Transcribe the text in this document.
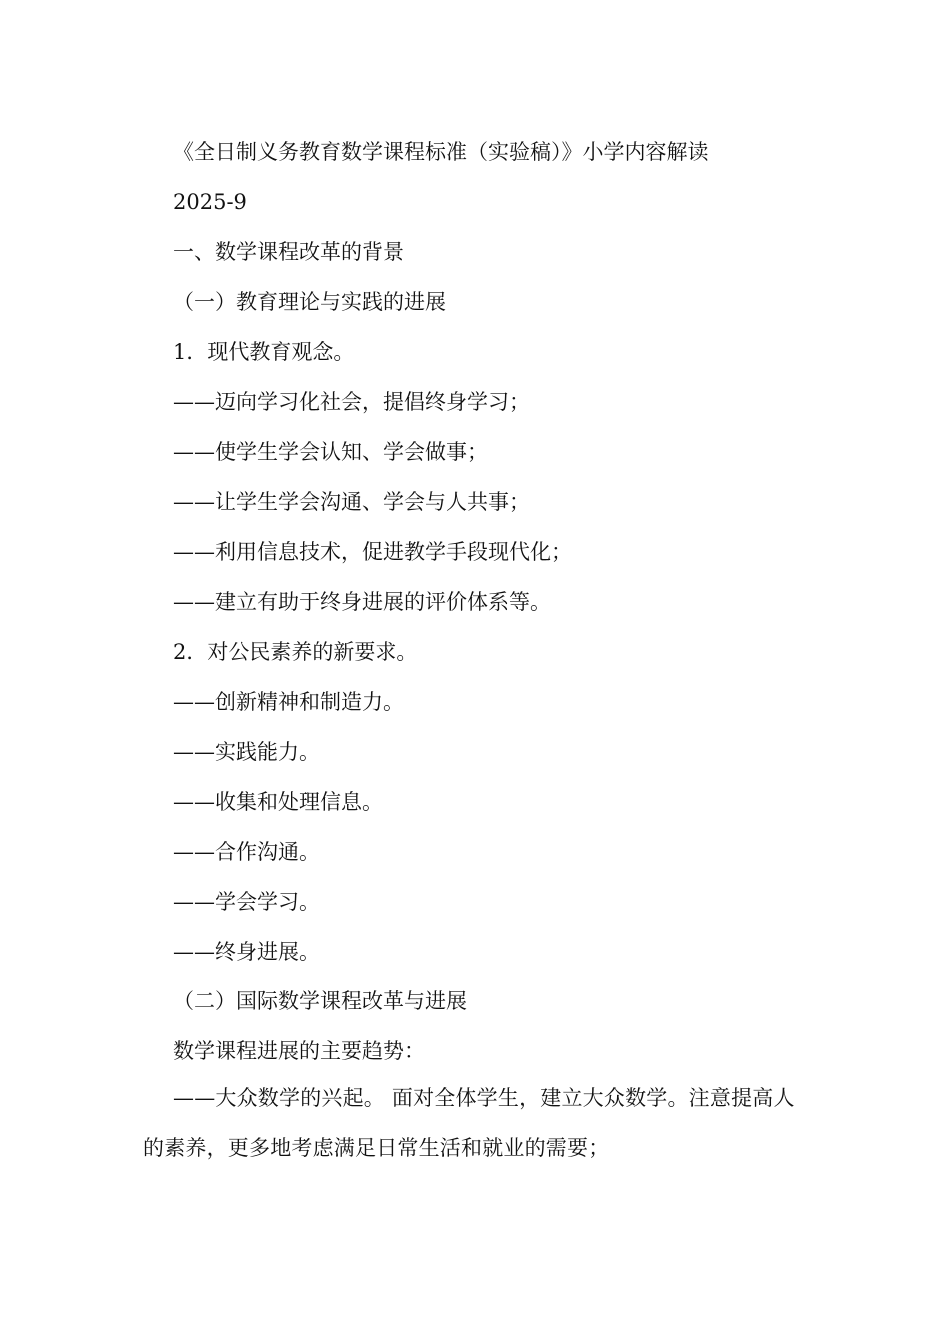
《全日制义务教育数学课程标准（实验稿）》小学内容解读
2025-9
一、数学课程改革的背景
（一）教育理论与实践的进展
1．现代教育观念。
——迈向学习化社会，提倡终身学习；
——使学生学会认知、学会做事；
——让学生学会沟通、学会与人共事；
——利用信息技术，促进教学手段现代化；
——建立有助于终身进展的评价体系等。
2．对公民素养的新要求。
——创新精神和制造力。
——实践能力。
——收集和处理信息。
——合作沟通。
——学会学习。
——终身进展。
（二）国际数学课程改革与进展
数学课程进展的主要趋势：
——大众数学的兴起。 面对全体学生，建立大众数学。注意提高人的素养，更多地考虑满足日常生活和就业的需要；
